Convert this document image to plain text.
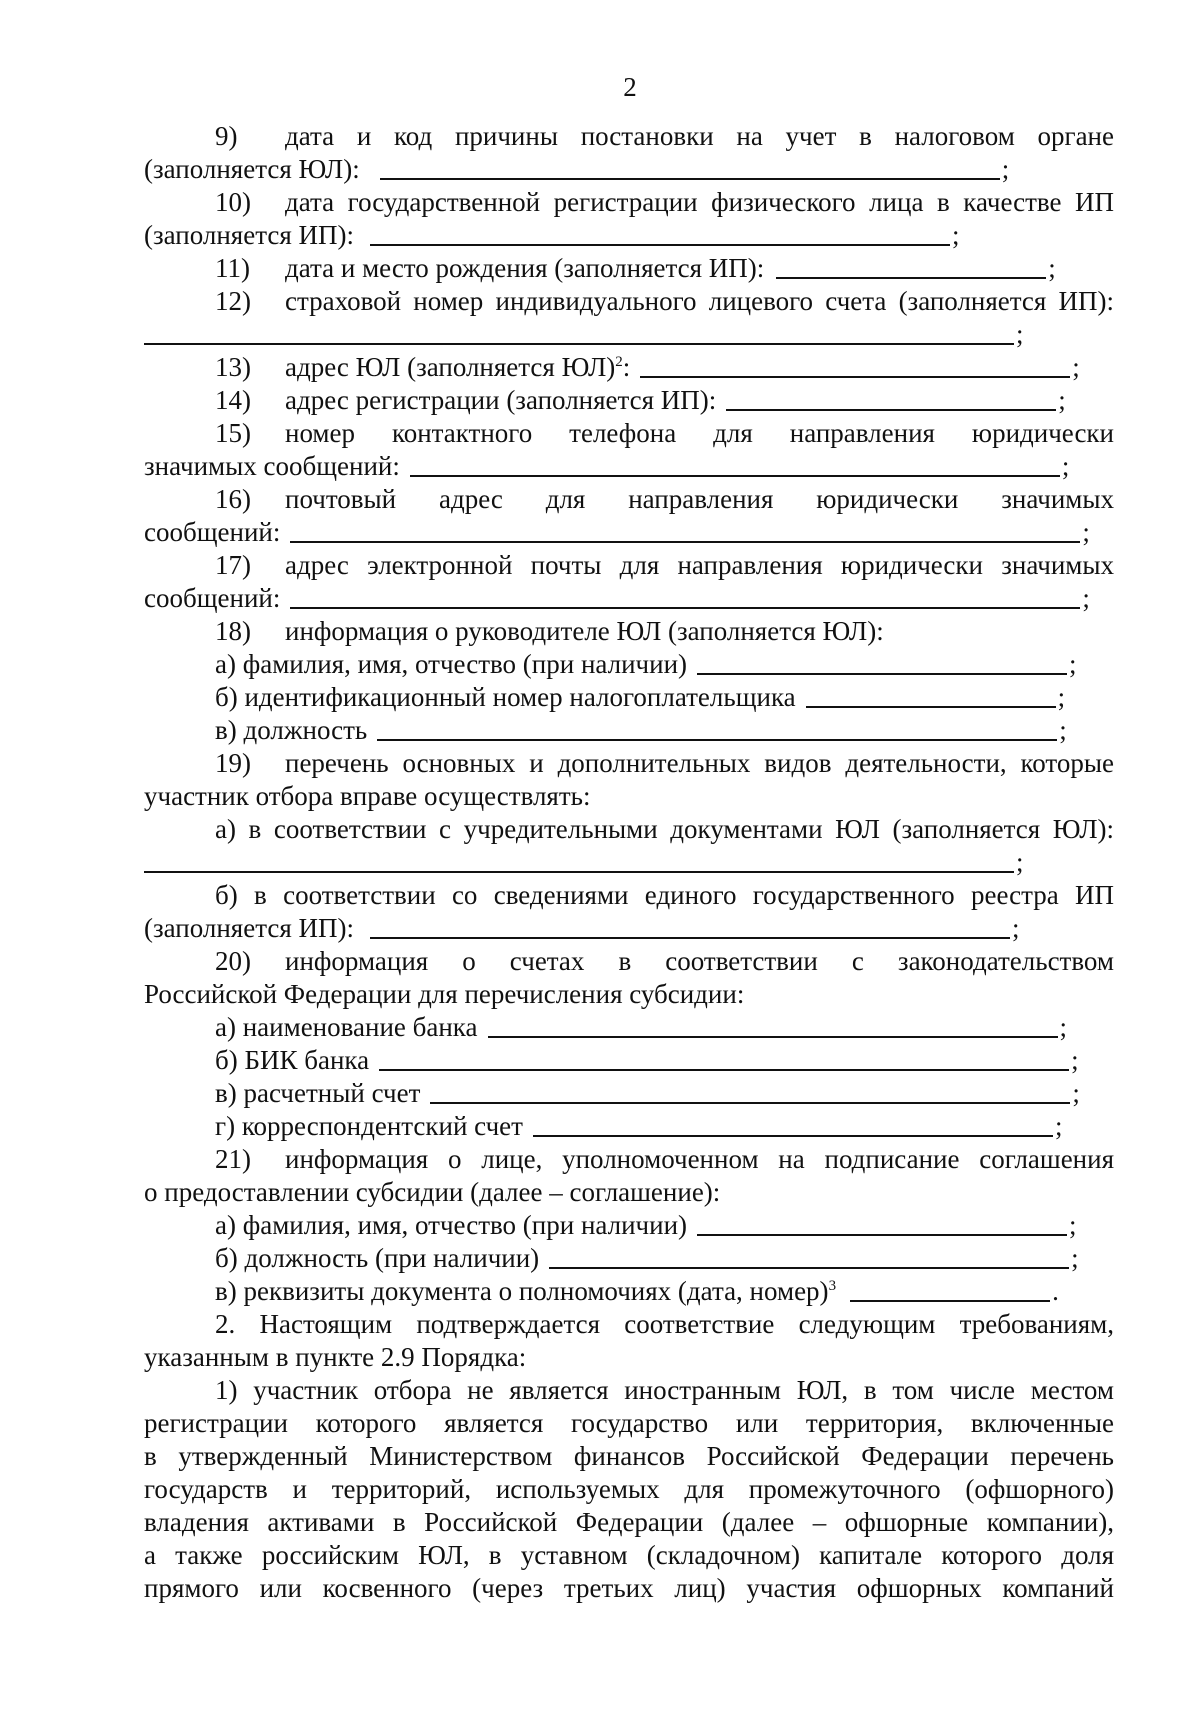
2
9) дата и код причины постановки на учет в налоговом органе
(заполняется ЮЛ):	;
10) дата государственной регистрации физического лица в качестве ИП
(заполняется ИП):	;
11) дата и место рождения (заполняется ИП):	;
12) страховой номер индивидуального лицевого счета (заполняется ИП):
;
13) адрес ЮЛ (заполняется ЮЛ)$^2$:	;
14) адрес регистрации (заполняется ИП):	;
15) номер контактного телефона для направления юридически
значимых сообщений:	;
16) почтовый адрес для направления юридически значимых
сообщений:	;
17) адрес электронной почты для направления юридически значимых
сообщений:	;
18) информация о руководителе ЮЛ (заполняется ЮЛ):
а) фамилия, имя, отчество (при наличии)	;
б) идентификационный номер налогоплательщика	;
в) должность	;
19) перечень основных и дополнительных видов деятельности, которые
участник отбора вправе осуществлять:
а) в соответствии с учредительными документами ЮЛ (заполняется ЮЛ):
;
б) в соответствии со сведениями единого государственного реестра ИП
(заполняется ИП):	;
20) информация о счетах в соответствии с законодательством
Российской Федерации для перечисления субсидии:
а) наименование банка	;
б) БИК банка	;
в) расчетный счет	;
г) корреспондентский счет	;
21) информация о лице, уполномоченном на подписание соглашения
о предоставлении субсидии (далее – соглашение):
а) фамилия, имя, отчество (при наличии)	;
б) должность (при наличии)	;
в) реквизиты документа о полномочиях (дата, номер)$^3$	.
2. Настоящим подтверждается соответствие следующим требованиям,
указанным в пункте 2.9 Порядка:
1) участник отбора не является иностранным ЮЛ, в том числе местом
регистрации которого является государство или территория, включенные
в утвержденный Министерством финансов Российской Федерации перечень
государств и территорий, используемых для промежуточного (офшорного)
владения активами в Российской Федерации (далее – офшорные компании),
а также российским ЮЛ, в уставном (складочном) капитале которого доля
прямого или косвенного (через третьих лиц) участия офшорных компаний
